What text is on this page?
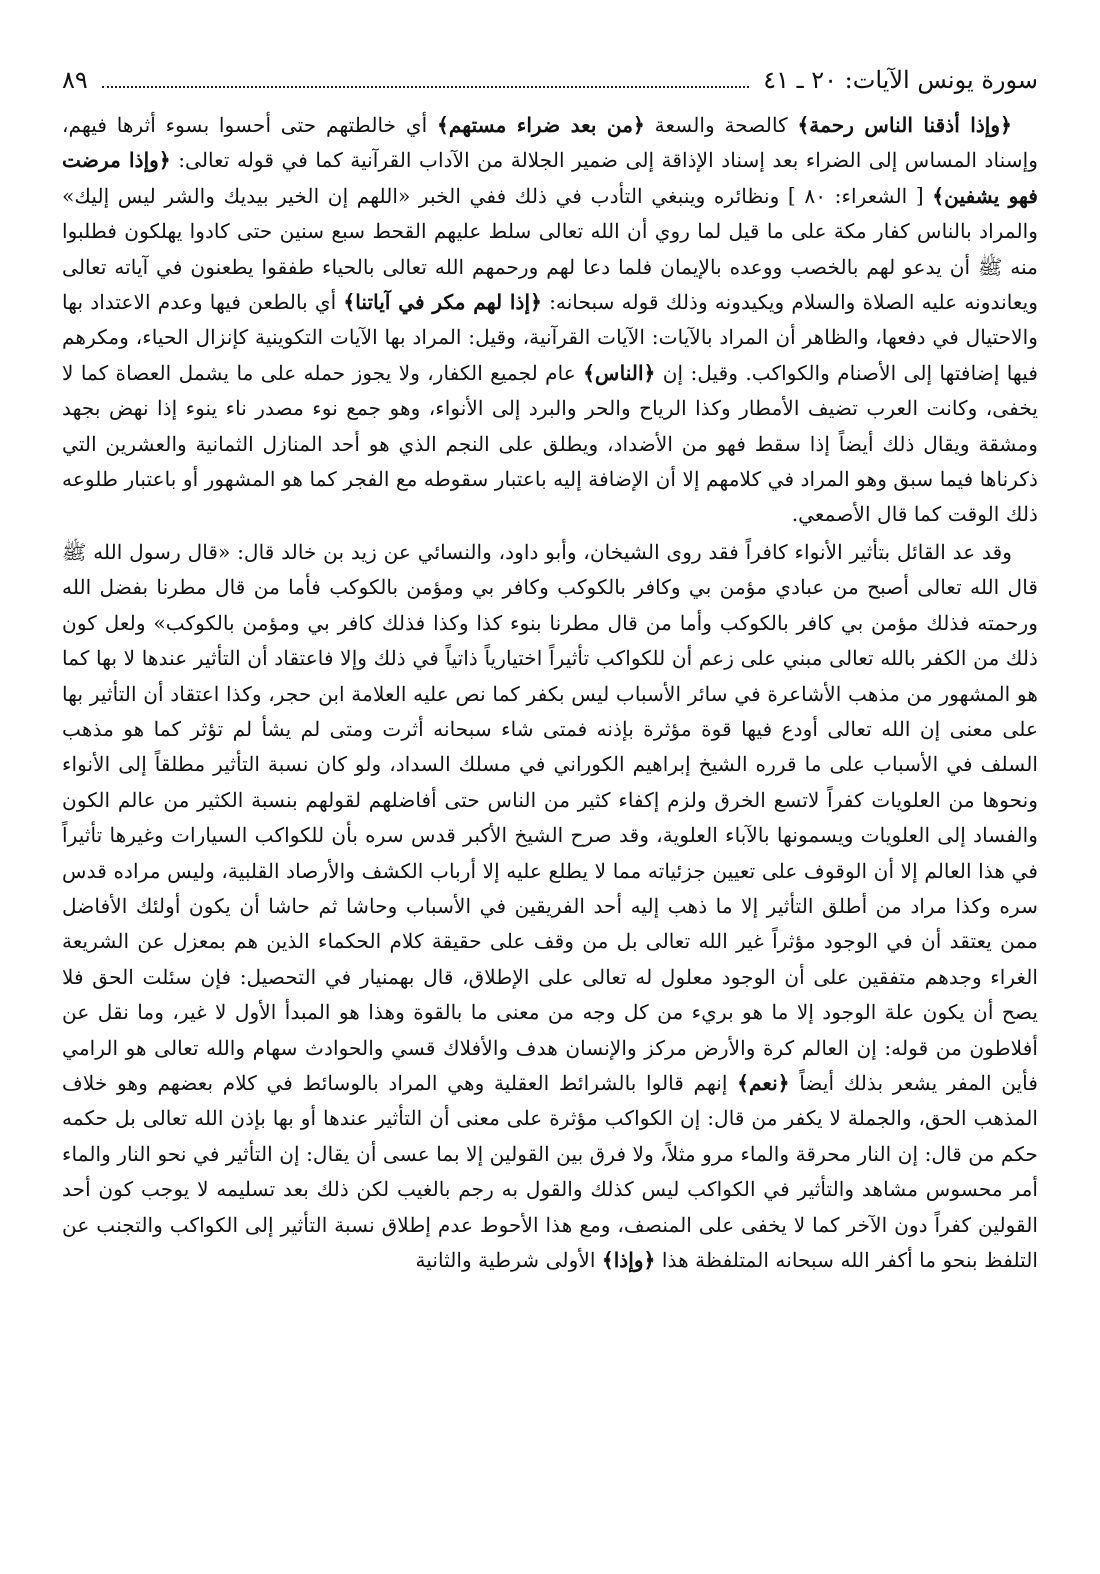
سورة يونس الآيات: ٢٠ ـ ٤١
٨٩

﴿وإذا أذقنا الناس رحمة﴾ كالصحة والسعة ﴿من بعد ضراء مستهم﴾ أي خالطتهم حتى أحسوا بسوء أثرها فيهم، وإسناد المساس إلى الضراء بعد إسناد الإذاقة إلى ضمير الجلالة من الآداب القرآنية كما في قوله تعالى: ﴿وإذا مرضت فهو يشفين﴾ [ الشعراء: ٨٠ ] ونظائره وينبغي التأدب في ذلك ففي الخبر «اللهم إن الخير بيديك والشر ليس إليك» والمراد بالناس كفار مكة على ما قيل لما روي أن الله تعالى سلط عليهم القحط سبع سنين حتى كادوا يهلكون فطلبوا منه ﷺ أن يدعو لهم بالخصب ووعده بالإيمان فلما دعا لهم ورحمهم الله تعالى بالحياء طفقوا يطعنون في آياته تعالى ويعاندونه عليه الصلاة والسلام ويكيدونه وذلك قوله سبحانه: ﴿إذا لهم مكر في آياتنا﴾ أي بالطعن فيها وعدم الاعتداد بها والاحتيال في دفعها، والظاهر أن المراد بالآيات: الآيات القرآنية، وقيل: المراد بها الآيات التكوينية كإنزال الحياء، ومكرهم فيها إضافتها إلى الأصنام والكواكب. وقيل: إن ﴿الناس﴾ عام لجميع الكفار، ولا يجوز حمله على ما يشمل العصاة كما لا يخفى، وكانت العرب تضيف الأمطار وكذا الرياح والحر والبرد إلى الأنواء، وهو جمع نوء مصدر ناء ينوء إذا نهض بجهد ومشقة ويقال ذلك أيضاً إذا سقط فهو من الأضداد، ويطلق على النجم الذي هو أحد المنازل الثمانية والعشرين التي ذكرناها فيما سبق وهو المراد في كلامهم إلا أن الإضافة إليه باعتبار سقوطه مع الفجر كما هو المشهور أو باعتبار طلوعه ذلك الوقت كما قال الأصمعي.

وقد عد القائل بتأثير الأنواء كافراً فقد روى الشيخان، وأبو داود، والنسائي عن زيد بن خالد قال: «قال رسول الله ﷺ قال الله تعالى أصبح من عبادي مؤمن بي وكافر بالكوكب وكافر بي ومؤمن بالكوكب فأما من قال مطرنا بفضل الله ورحمته فذلك مؤمن بي كافر بالكوكب وأما من قال مطرنا بنوء كذا وكذا فذلك كافر بي ومؤمن بالكوكب» ولعل كون ذلك من الكفر بالله تعالى مبني على زعم أن للكواكب تأثيراً اختيارياً ذاتياً في ذلك وإلا فاعتقاد أن التأثير عندها لا بها كما هو المشهور من مذهب الأشاعرة في سائر الأسباب ليس بكفر كما نص عليه العلامة ابن حجر، وكذا اعتقاد أن التأثير بها على معنى إن الله تعالى أودع فيها قوة مؤثرة بإذنه فمتى شاء سبحانه أثرت ومتى لم يشأ لم تؤثر كما هو مذهب السلف في الأسباب على ما قرره الشيخ إبراهيم الكوراني في مسلك السداد، ولو كان نسبة التأثير مطلقاً إلى الأنواء ونحوها من العلويات كفراً لاتسع الخرق ولزم إكفاء كثير من الناس حتى أفاضلهم لقولهم بنسبة الكثير من عالم الكون والفساد إلى العلويات ويسمونها بالآباء العلوية، وقد صرح الشيخ الأكبر قدس سره بأن للكواكب السيارات وغيرها تأثيراً في هذا العالم إلا أن الوقوف على تعيين جزئياته مما لا يطلع عليه إلا أرباب الكشف والأرصاد القلبية، وليس مراده قدس سره وكذا مراد من أطلق التأثير إلا ما ذهب إليه أحد الفريقين في الأسباب وحاشا ثم حاشا أن يكون أولئك الأفاضل ممن يعتقد أن في الوجود مؤثراً غير الله تعالى بل من وقف على حقيقة كلام الحكماء الذين هم بمعزل عن الشريعة الغراء وجدهم متفقين على أن الوجود معلول له تعالى على الإطلاق، قال بهمنيار في التحصيل: فإن سئلت الحق فلا يصح أن يكون علة الوجود إلا ما هو بريء من كل وجه من معنى ما بالقوة وهذا هو المبدأ الأول لا غير، وما نقل عن أفلاطون من قوله: إن العالم كرة والأرض مركز والإنسان هدف والأفلاك قسي والحوادث سهام والله تعالى هو الرامي فأين المفر يشعر بذلك أيضاً ﴿نعم﴾ إنهم قالوا بالشرائط العقلية وهي المراد بالوسائط في كلام بعضهم وهو خلاف المذهب الحق، والجملة لا يكفر من قال: إن الكواكب مؤثرة على معنى أن التأثير عندها أو بها بإذن الله تعالى بل حكمه حكم من قال: إن النار محرقة والماء مرو مثلاً، ولا فرق بين القولين إلا بما عسى أن يقال: إن التأثير في نحو النار والماء أمر محسوس مشاهد والتأثير في الكواكب ليس كذلك والقول به رجم بالغيب لكن ذلك بعد تسليمه لا يوجب كون أحد القولين كفراً دون الآخر كما لا يخفى على المنصف، ومع هذا الأحوط عدم إطلاق نسبة التأثير إلى الكواكب والتجنب عن التلفظ بنحو ما أكفر الله سبحانه المتلفظة هذا ﴿وإذا﴾ الأولى شرطية والثانية
